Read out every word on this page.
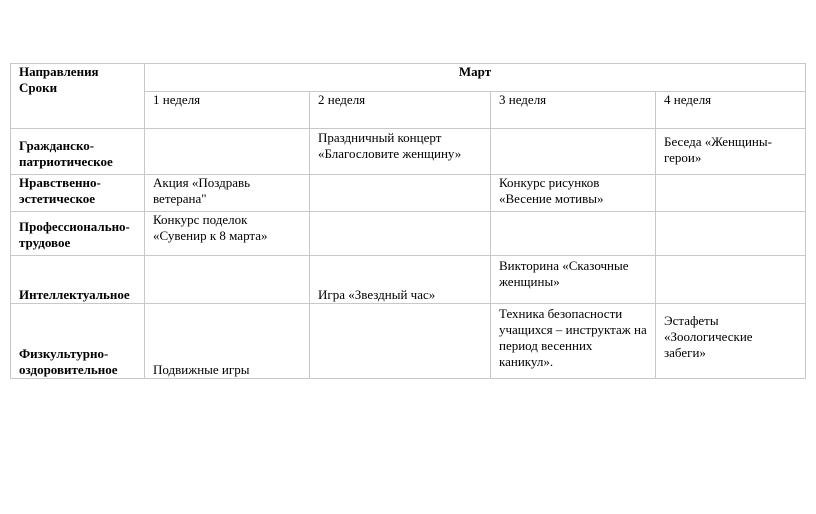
Направления
Сроки	Март			
	1 неделя	2 неделя	3 неделя	4 неделя
Гражданско-
патриотическое		Праздничный концерт «Благословите женщину»		Беседа «Женщины-герои»
Нравственно-
эстетическое	Акция «Поздравь ветерана"		Конкурс рисунков «Весение мотивы»	
Профессионально-
трудовое	Конкурс поделок «Сувенир к 8 марта»			
Интеллектуальное		Игра «Звездный час»	Викторина «Сказочные женщины»	
Физкультурно-
оздоровительное	Подвижные игры		Техника безопасности учащихся – инструктаж на период весенних каникул».	Эстафеты «Зоологические забеги»
